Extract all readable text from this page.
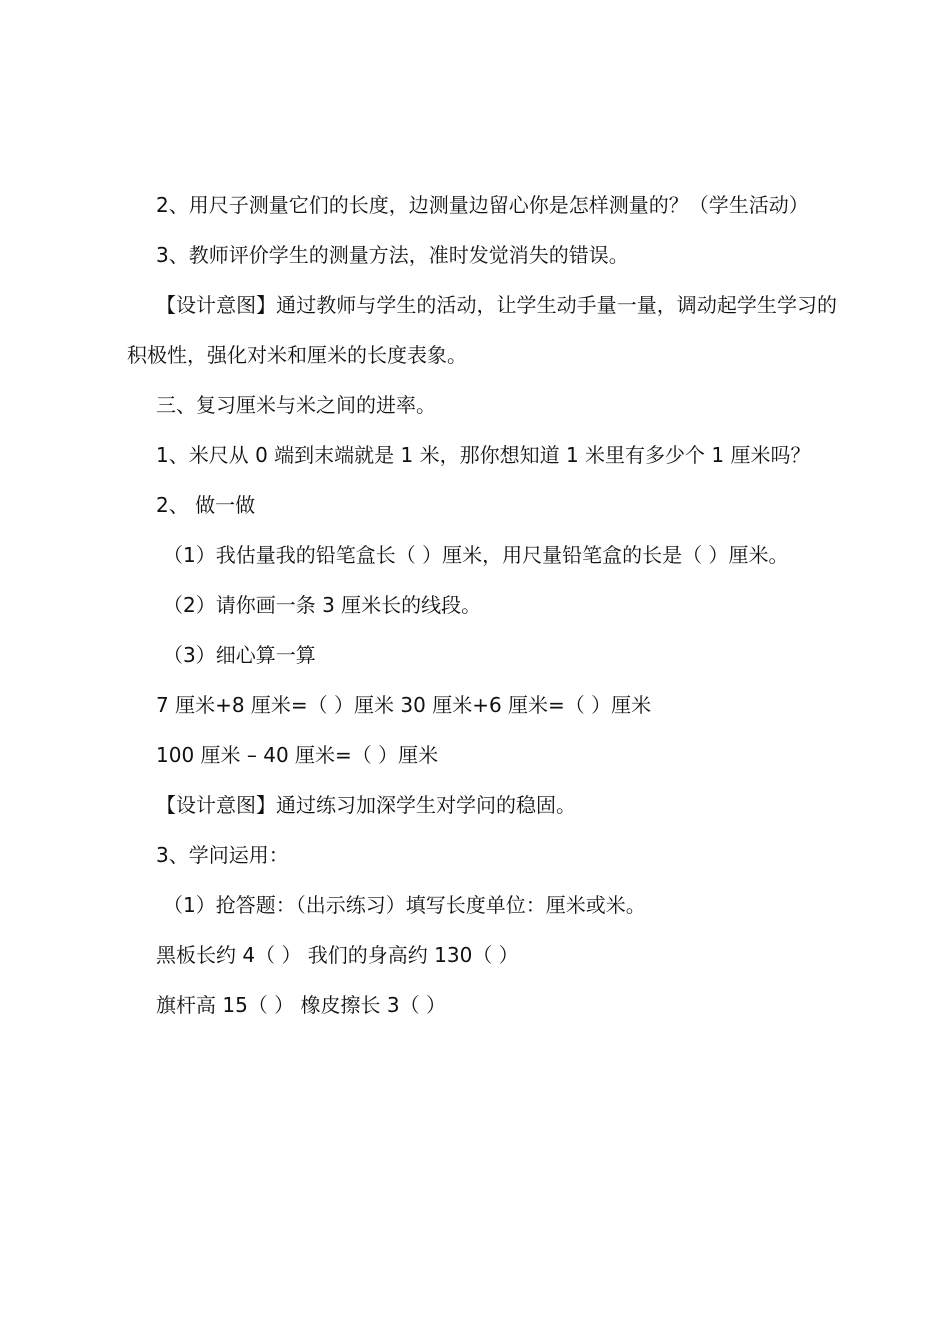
2、用尺子测量它们的长度，边测量边留心你是怎样测量的？（学生活动）

3、教师评价学生的测量方法，准时发觉消失的错误。

【设计意图】通过教师与学生的活动，让学生动手量一量，调动起学生学习的积极性，强化对米和厘米的长度表象。

三、复习厘米与米之间的进率。

1、米尺从 0 端到末端就是 1 米，那你想知道 1 米里有多少个 1 厘米吗？

2、 做一做

（1）我估量我的铅笔盒长（ ）厘米，用尺量铅笔盒的长是（ ）厘米。

（2）请你画一条 3 厘米长的线段。

（3）细心算一算

7 厘米+8 厘米=（ ）厘米 30 厘米+6 厘米=（ ）厘米

100 厘米 – 40 厘米=（ ）厘米

【设计意图】通过练习加深学生对学问的稳固。

3、学问运用：

（1）抢答题：（出示练习）填写长度单位：厘米或米。

黑板长约 4（ ） 我们的身高约 130（ ）

旗杆高 15（ ） 橡皮擦长 3（ ）
